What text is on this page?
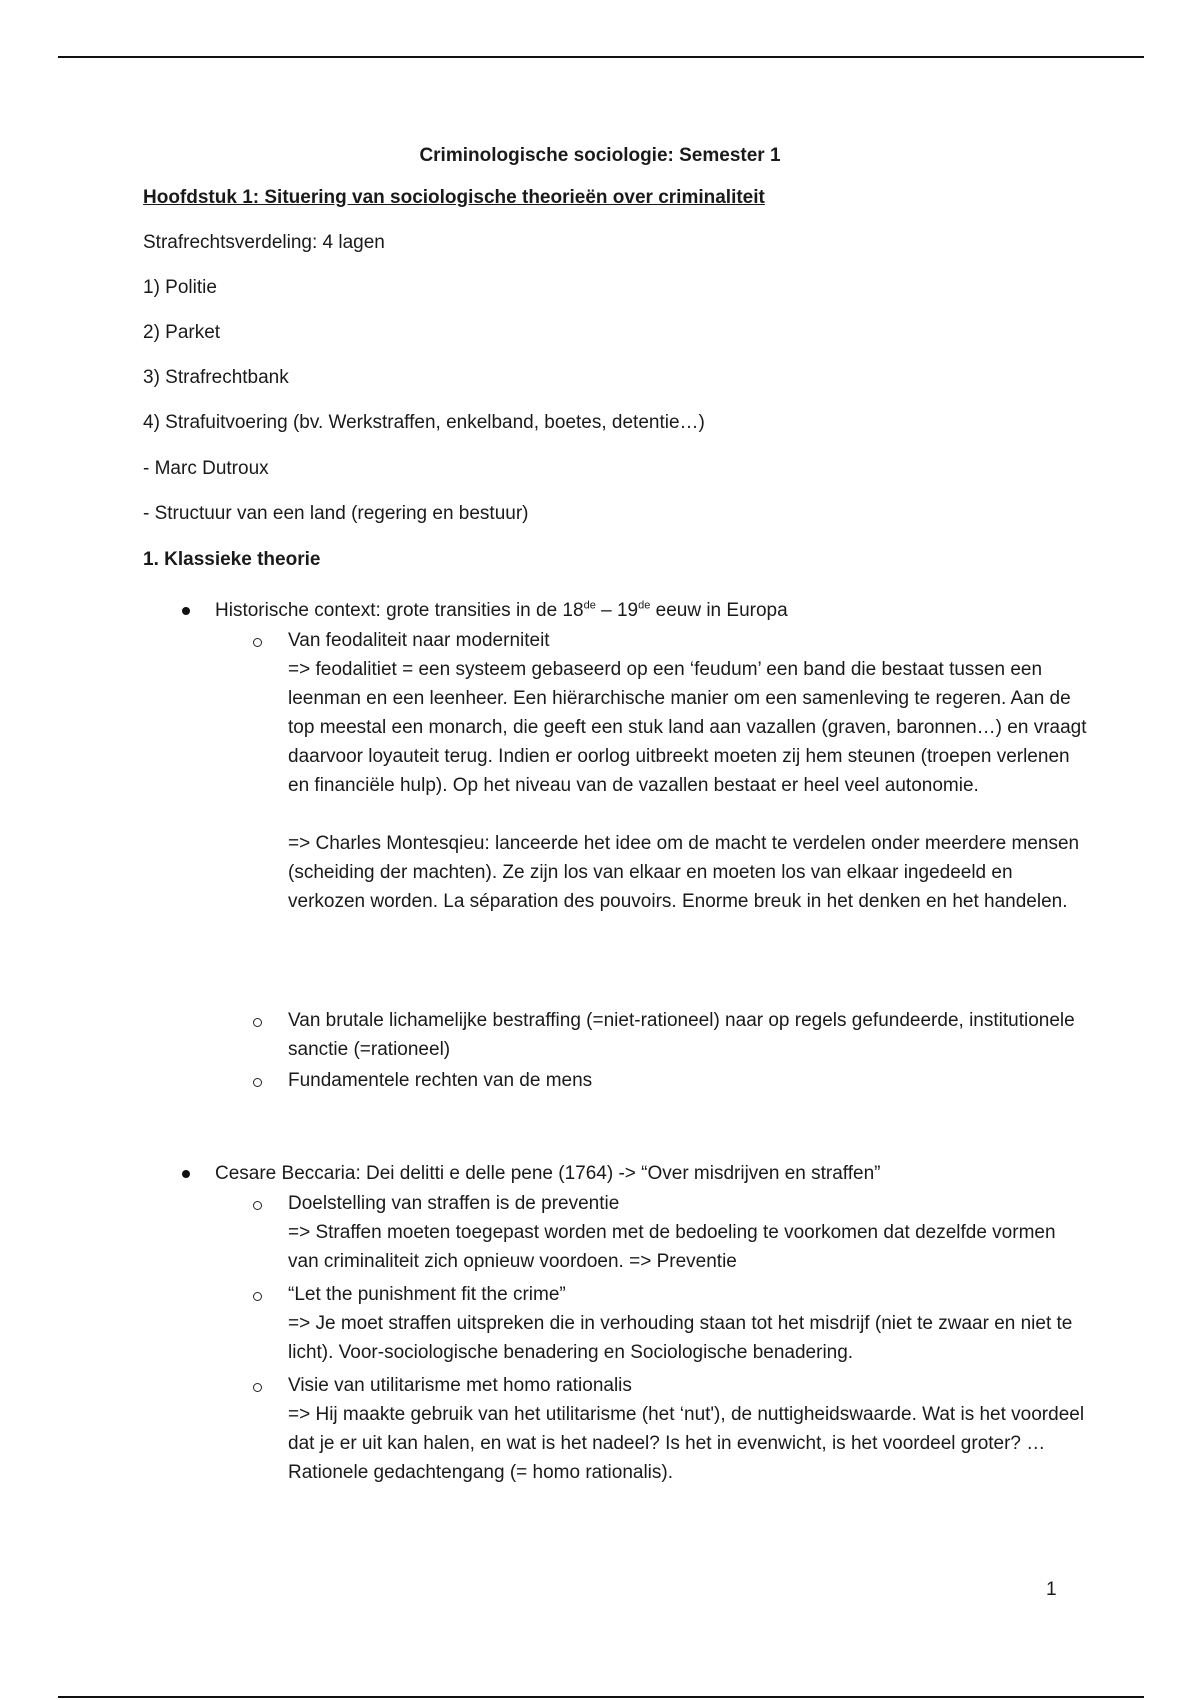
Criminologische sociologie: Semester 1
Hoofdstuk 1: Situering van sociologische theorieën over criminaliteit
Strafrechtsverdeling: 4 lagen
1) Politie
2) Parket
3) Strafrechtbank
4) Strafuitvoering (bv. Werkstraffen, enkelband, boetes, detentie…)
- Marc Dutroux
- Structuur van een land (regering en bestuur)
1. Klassieke theorie
Historische context: grote transities in de 18de – 19de eeuw in Europa

Van feodaliteit naar moderniteit

=> feodalitiet = een systeem gebaseerd op een ‘feudum’ een band die bestaat tussen een leenman en een leenheer. Een hiërarchische manier om een samenleving te regeren. Aan de top meestal een monarch, die geeft een stuk land aan vazallen (graven, baronnen…) en vraagt daarvoor loyauteit terug. Indien er oorlog uitbreekt moeten zij hem steunen (troepen verlenen en financiële hulp). Op het niveau van de vazallen bestaat er heel veel autonomie.

=> Charles Montesqieu: lanceerde het idee om de macht te verdelen onder meerdere mensen (scheiding der machten). Ze zijn los van elkaar en moeten los van elkaar ingedeeld en verkozen worden. La séparation des pouvoirs. Enorme breuk in het denken en het handelen.

Van brutale lichamelijke bestraffing (=niet-rationeel) naar op regels gefundeerde, institutionele sanctie (=rationeel)
Fundamentele rechten van de mens
Cesare Beccaria: Dei delitti e delle pene (1764) -> “Over misdrijven en straffen”

Doelstelling van straffen is de preventie

=> Straffen moeten toegepast worden met de bedoeling te voorkomen dat dezelfde vormen van criminaliteit zich opnieuw voordoen. => Preventie

“Let the punishment fit the crime”

=> Je moet straffen uitspreken die in verhouding staan tot het misdrijf (niet te zwaar en niet te licht). Voor-sociologische benadering en Sociologische benadering.

Visie van utilitarisme met homo rationalis

=> Hij maakte gebruik van het utilitarisme (het ‘nut'), de nuttigheidswaarde. Wat is het voordeel dat je er uit kan halen, en wat is het nadeel? Is het in evenwicht, is het voordeel groter? … Rationele gedachtengang (= homo rationalis).

1
